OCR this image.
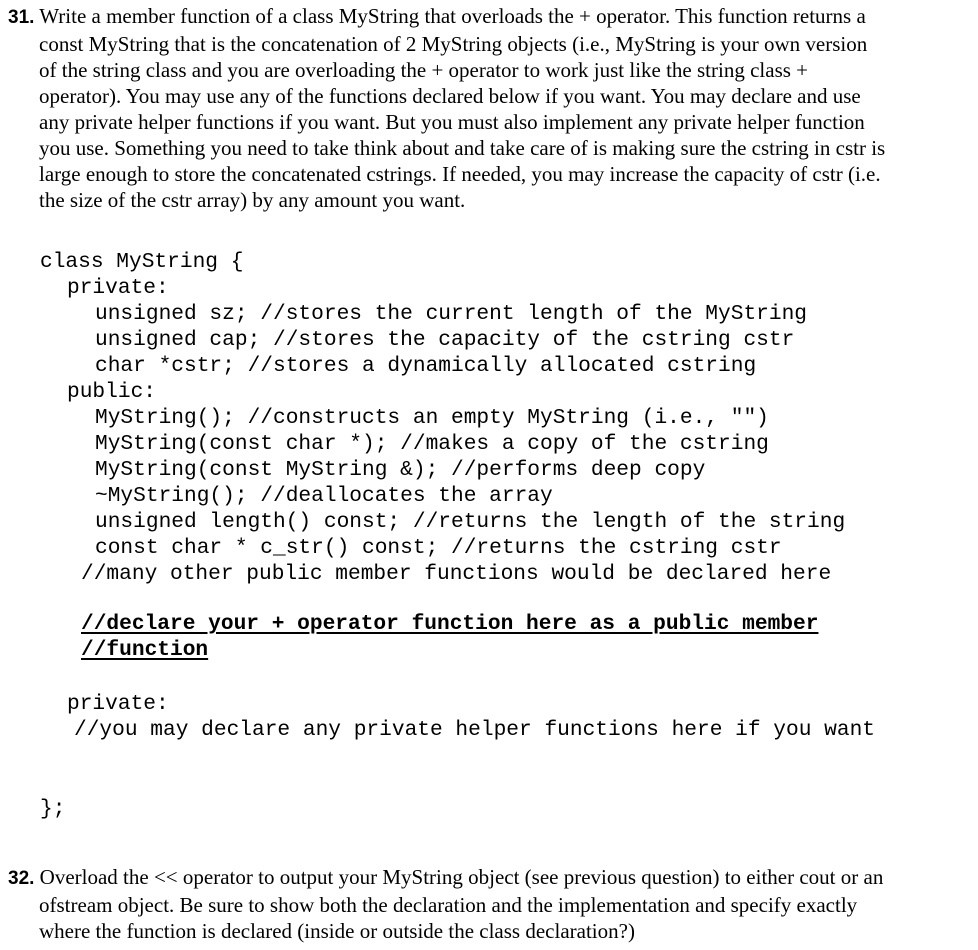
31. Write a member function of a class MyString that overloads the + operator. This function returns a
const MyString that is the concatenation of 2 MyString objects (i.e., MyString is your own version
of the string class and you are overloading the + operator to work just like the string class +
operator). You may use any of the functions declared below if you want. You may declare and use
any private helper functions if you want. But you must also implement any private helper function
you use. Something you need to take think about and take care of is making sure the cstring in cstr is
large enough to store the concatenated cstrings. If needed, you may increase the capacity of cstr (i.e.
the size of the cstr array) by any amount you want.
class MyString {
private:
unsigned sz; //stores the current length of the MyString
unsigned cap; //stores the capacity of the cstring cstr
char *cstr; //stores a dynamically allocated cstring
public:
MyString(); //constructs an empty MyString (i.e., "")
MyString(const char *); //makes a copy of the cstring
MyString(const MyString &); //performs deep copy
~MyString(); //deallocates the array
unsigned length() const; //returns the length of the string
const char * c_str() const; //returns the cstring cstr
//many other public member functions would be declared here
//declare your + operator function here as a public member
//function
private:
//you may declare any private helper functions here if you want
};
32. Overload the << operator to output your MyString object (see previous question) to either cout or an
ofstream object. Be sure to show both the declaration and the implementation and specify exactly
where the function is declared (inside or outside the class declaration?)
